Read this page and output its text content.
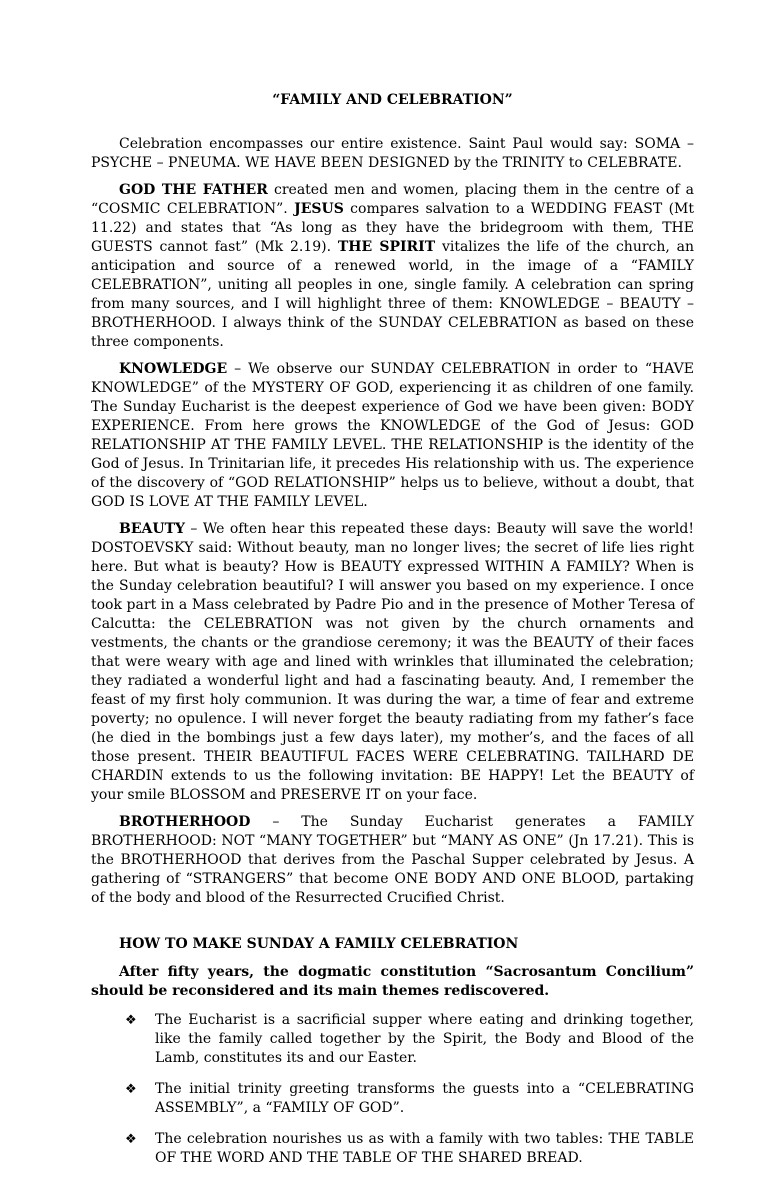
“FAMILY AND CELEBRATION”

Celebration encompasses our entire existence. Saint Paul would say: SOMA – PSYCHE – PNEUMA. WE HAVE BEEN DESIGNED by the TRINITY to CELEBRATE.

GOD THE FATHER created men and women, placing them in the centre of a “COSMIC CELEBRATION”. JESUS compares salvation to a WEDDING FEAST (Mt 11.22) and states that “As long as they have the bridegroom with them, THE GUESTS cannot fast” (Mk 2.19). THE SPIRIT vitalizes the life of the church, an anticipation and source of a renewed world, in the image of a “FAMILY CELEBRATION”, uniting all peoples in one, single family. A celebration can spring from many sources, and I will highlight three of them: KNOWLEDGE – BEAUTY – BROTHERHOOD. I always think of the SUNDAY CELEBRATION as based on these three components.

KNOWLEDGE – We observe our SUNDAY CELEBRATION in order to “HAVE KNOWLEDGE” of the MYSTERY OF GOD, experiencing it as children of one family. The Sunday Eucharist is the deepest experience of God we have been given: BODY EXPERIENCE. From here grows the KNOWLEDGE of the God of Jesus: GOD RELATIONSHIP AT THE FAMILY LEVEL. THE RELATIONSHIP is the identity of the God of Jesus. In Trinitarian life, it precedes His relationship with us. The experience of the discovery of “GOD RELATIONSHIP” helps us to believe, without a doubt, that GOD IS LOVE AT THE FAMILY LEVEL.

BEAUTY – We often hear this repeated these days: Beauty will save the world! DOSTOEVSKY said: Without beauty, man no longer lives; the secret of life lies right here. But what is beauty? How is BEAUTY expressed WITHIN A FAMILY? When is the Sunday celebration beautiful? I will answer you based on my experience. I once took part in a Mass celebrated by Padre Pio and in the presence of Mother Teresa of Calcutta: the CELEBRATION was not given by the church ornaments and vestments, the chants or the grandiose ceremony; it was the BEAUTY of their faces that were weary with age and lined with wrinkles that illuminated the celebration; they radiated a wonderful light and had a fascinating beauty. And, I remember the feast of my first holy communion. It was during the war, a time of fear and extreme poverty; no opulence. I will never forget the beauty radiating from my father’s face (he died in the bombings just a few days later), my mother’s, and the faces of all those present. THEIR BEAUTIFUL FACES WERE CELEBRATING. TAILHARD DE CHARDIN extends to us the following invitation: BE HAPPY! Let the BEAUTY of your smile BLOSSOM and PRESERVE IT on your face.

BROTHERHOOD – The Sunday Eucharist generates a FAMILY BROTHERHOOD: NOT “MANY TOGETHER” but “MANY AS ONE” (Jn 17.21). This is the BROTHERHOOD that derives from the Paschal Supper celebrated by Jesus. A gathering of “STRANGERS” that become ONE BODY AND ONE BLOOD, partaking of the body and blood of the Resurrected Crucified Christ.

HOW TO MAKE SUNDAY A FAMILY CELEBRATION
After fifty years, the dogmatic constitution “Sacrosantum Concilium” should be reconsidered and its main themes rediscovered.
❖ The Eucharist is a sacrificial supper where eating and drinking together, like the family called together by the Spirit, the Body and Blood of the Lamb, constitutes its and our Easter.
❖ The initial trinity greeting transforms the guests into a “CELEBRATING ASSEMBLY”, a “FAMILY OF GOD”.
❖ The celebration nourishes us as with a family with two tables: THE TABLE OF THE WORD AND THE TABLE OF THE SHARED BREAD.
